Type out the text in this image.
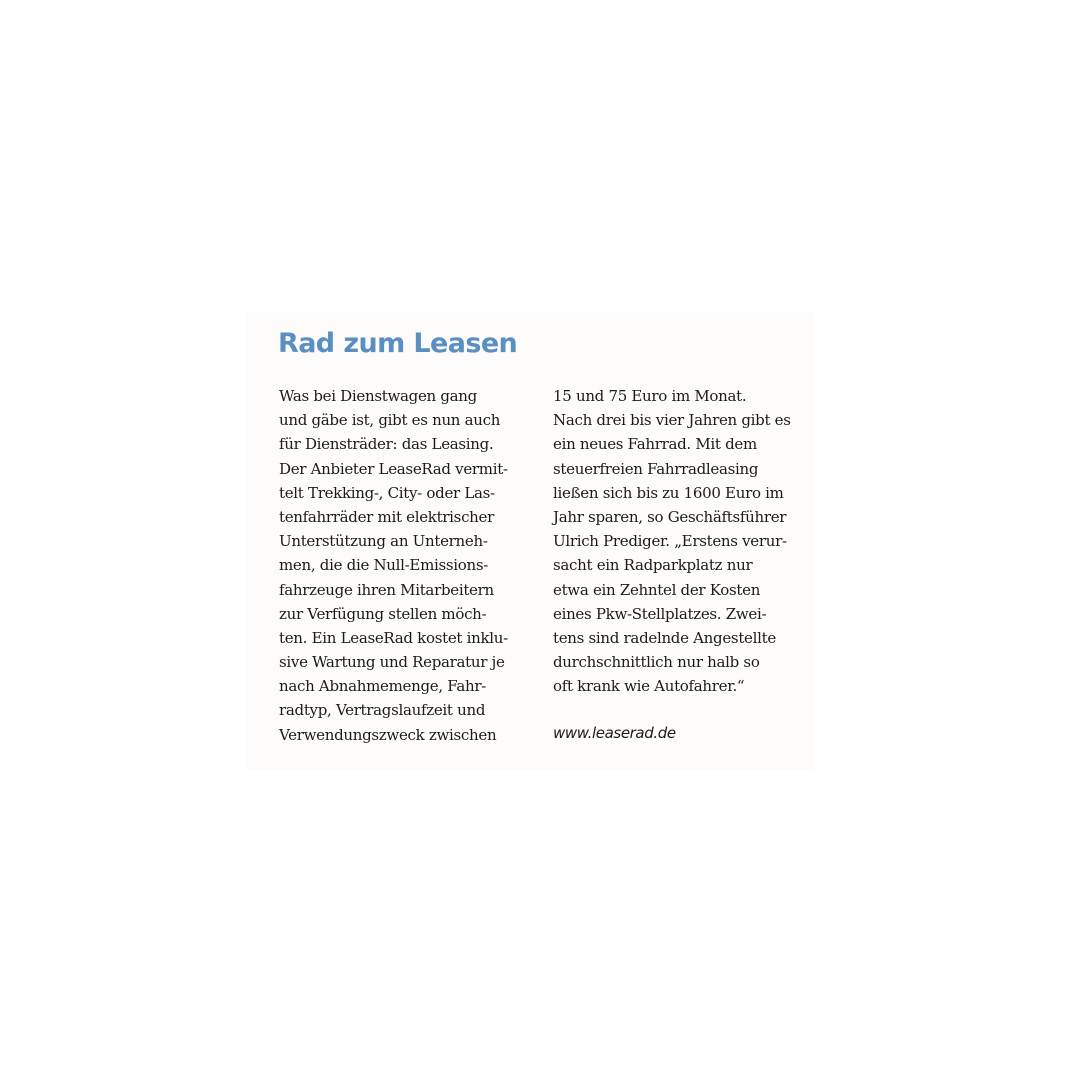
Rad zum Leasen
Was bei Dienstwagen gang
und gäbe ist, gibt es nun auch
für Diensträder: das Leasing.
Der Anbieter LeaseRad vermit-
telt Trekking-, City- oder Las-
tenfahrräder mit elektrischer
Unterstützung an Unterneh-
men, die die Null-Emissions-
fahrzeuge ihren Mitarbeitern
zur Verfügung stellen möch-
ten. Ein LeaseRad kostet inklu-
sive Wartung und Reparatur je
nach Abnahmemenge, Fahr-
radtyp, Vertragslaufzeit und
Verwendungszweck zwischen
15 und 75 Euro im Monat.
Nach drei bis vier Jahren gibt es
ein neues Fahrrad. Mit dem
steuerfreien Fahrradleasing
ließen sich bis zu 1600 Euro im
Jahr sparen, so Geschäftsführer
Ulrich Prediger. „Erstens verur-
sacht ein Radparkplatz nur
etwa ein Zehntel der Kosten
eines Pkw-Stellplatzes. Zwei-
tens sind radelnde Angestellte
durchschnittlich nur halb so
oft krank wie Autofahrer.“
www.leaserad.de
